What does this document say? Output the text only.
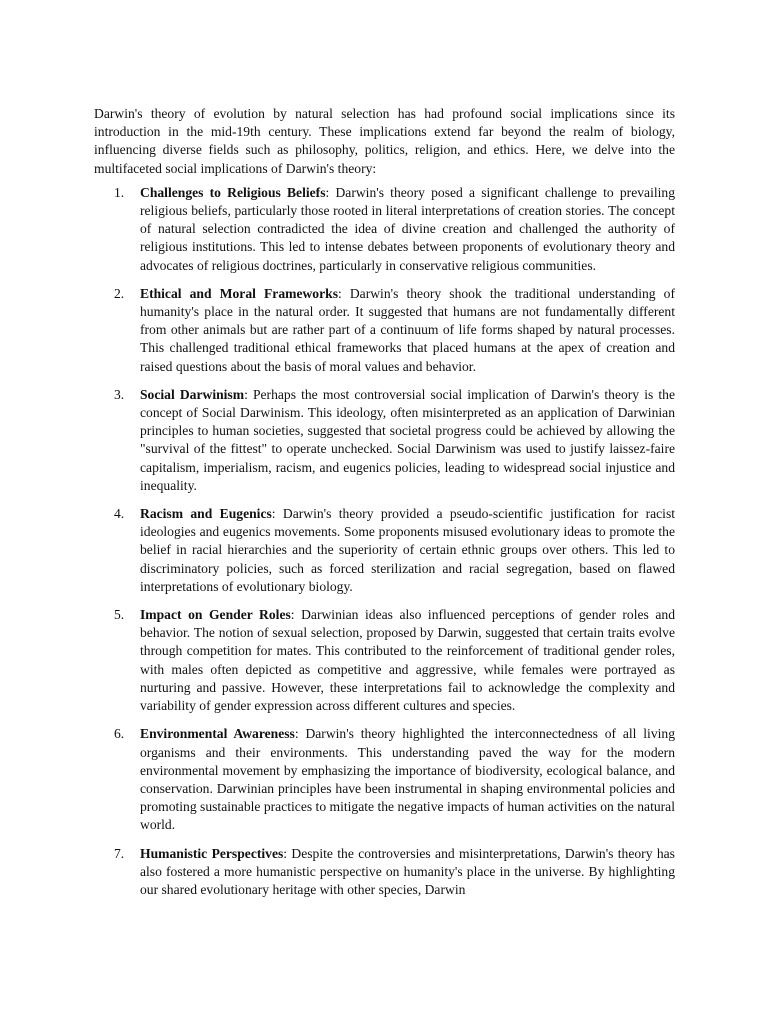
Darwin's theory of evolution by natural selection has had profound social implications since its introduction in the mid-19th century. These implications extend far beyond the realm of biology, influencing diverse fields such as philosophy, politics, religion, and ethics. Here, we delve into the multifaceted social implications of Darwin's theory:

1. Challenges to Religious Beliefs: Darwin's theory posed a significant challenge to prevailing religious beliefs, particularly those rooted in literal interpretations of creation stories. The concept of natural selection contradicted the idea of divine creation and challenged the authority of religious institutions. This led to intense debates between proponents of evolutionary theory and advocates of religious doctrines, particularly in conservative religious communities.
2. Ethical and Moral Frameworks: Darwin's theory shook the traditional understanding of humanity's place in the natural order. It suggested that humans are not fundamentally different from other animals but are rather part of a continuum of life forms shaped by natural processes. This challenged traditional ethical frameworks that placed humans at the apex of creation and raised questions about the basis of moral values and behavior.
3. Social Darwinism: Perhaps the most controversial social implication of Darwin's theory is the concept of Social Darwinism. This ideology, often misinterpreted as an application of Darwinian principles to human societies, suggested that societal progress could be achieved by allowing the "survival of the fittest" to operate unchecked. Social Darwinism was used to justify laissez-faire capitalism, imperialism, racism, and eugenics policies, leading to widespread social injustice and inequality.
4. Racism and Eugenics: Darwin's theory provided a pseudo-scientific justification for racist ideologies and eugenics movements. Some proponents misused evolutionary ideas to promote the belief in racial hierarchies and the superiority of certain ethnic groups over others. This led to discriminatory policies, such as forced sterilization and racial segregation, based on flawed interpretations of evolutionary biology.
5. Impact on Gender Roles: Darwinian ideas also influenced perceptions of gender roles and behavior. The notion of sexual selection, proposed by Darwin, suggested that certain traits evolve through competition for mates. This contributed to the reinforcement of traditional gender roles, with males often depicted as competitive and aggressive, while females were portrayed as nurturing and passive. However, these interpretations fail to acknowledge the complexity and variability of gender expression across different cultures and species.
6. Environmental Awareness: Darwin's theory highlighted the interconnectedness of all living organisms and their environments. This understanding paved the way for the modern environmental movement by emphasizing the importance of biodiversity, ecological balance, and conservation. Darwinian principles have been instrumental in shaping environmental policies and promoting sustainable practices to mitigate the negative impacts of human activities on the natural world.
7. Humanistic Perspectives: Despite the controversies and misinterpretations, Darwin's theory has also fostered a more humanistic perspective on humanity's place in the universe. By highlighting our shared evolutionary heritage with other species, Darwin
